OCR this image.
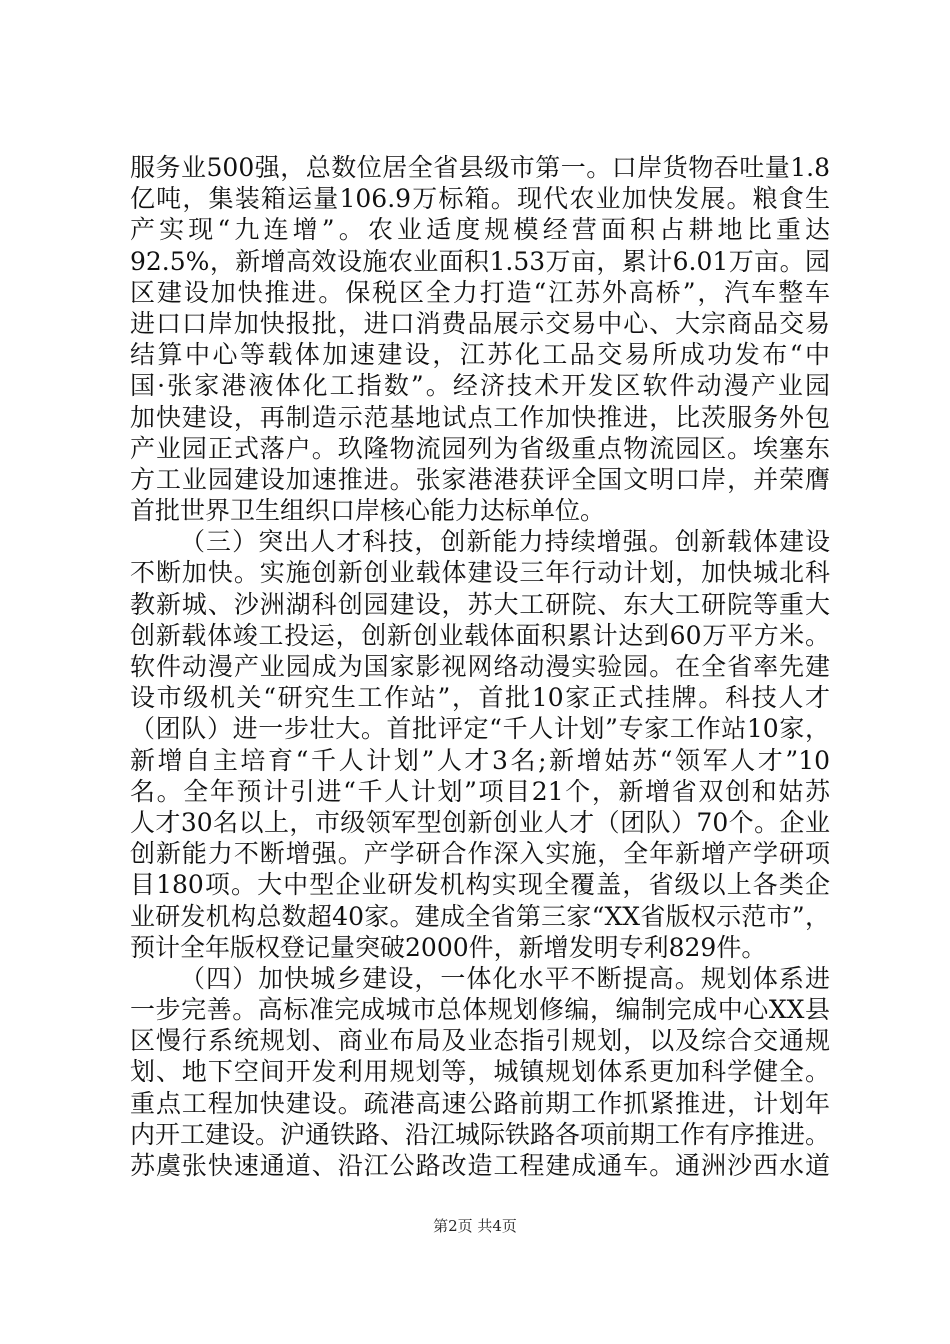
服务业500强，总数位居全省县级市第一。口岸货物吞吐量1.8
亿吨，集装箱运量106.9万标箱。现代农业加快发展。粮食生
产实现“九连增”。农业适度规模经营面积占耕地比重达
92.5%，新增高效设施农业面积1.53万亩，累计6.01万亩。园
区建设加快推进。保税区全力打造“江苏外高桥”，汽车整车
进口口岸加快报批，进口消费品展示交易中心、大宗商品交易
结算中心等载体加速建设，江苏化工品交易所成功发布“中
国·张家港液体化工指数”。经济技术开发区软件动漫产业园
加快建设，再制造示范基地试点工作加快推进，比茨服务外包
产业园正式落户。玖隆物流园列为省级重点物流园区。埃塞东
方工业园建设加速推进。张家港港获评全国文明口岸，并荣膺
首批世界卫生组织口岸核心能力达标单位。
（三）突出人才科技，创新能力持续增强。创新载体建设
不断加快。实施创新创业载体建设三年行动计划，加快城北科
教新城、沙洲湖科创园建设，苏大工研院、东大工研院等重大
创新载体竣工投运，创新创业载体面积累计达到60万平方米。
软件动漫产业园成为国家影视网络动漫实验园。在全省率先建
设市级机关“研究生工作站”，首批10家正式挂牌。科技人才
（团队）进一步壮大。首批评定“千人计划”专家工作站10家，
新增自主培育“千人计划”人才3名;新增姑苏“领军人才”10
名。全年预计引进“千人计划”项目21个，新增省双创和姑苏
人才30名以上，市级领军型创新创业人才（团队）70个。企业
创新能力不断增强。产学研合作深入实施，全年新增产学研项
目180项。大中型企业研发机构实现全覆盖，省级以上各类企
业研发机构总数超40家。建成全省第三家“XX省版权示范市”，
预计全年版权登记量突破2000件，新增发明专利829件。
（四）加快城乡建设，一体化水平不断提高。规划体系进
一步完善。高标准完成城市总体规划修编，编制完成中心XX县
区慢行系统规划、商业布局及业态指引规划，以及综合交通规
划、地下空间开发利用规划等，城镇规划体系更加科学健全。
重点工程加快建设。疏港高速公路前期工作抓紧推进，计划年
内开工建设。沪通铁路、沿江城际铁路各项前期工作有序推进。
苏虞张快速通道、沿江公路改造工程建成通车。通洲沙西水道
第2页 共4页
